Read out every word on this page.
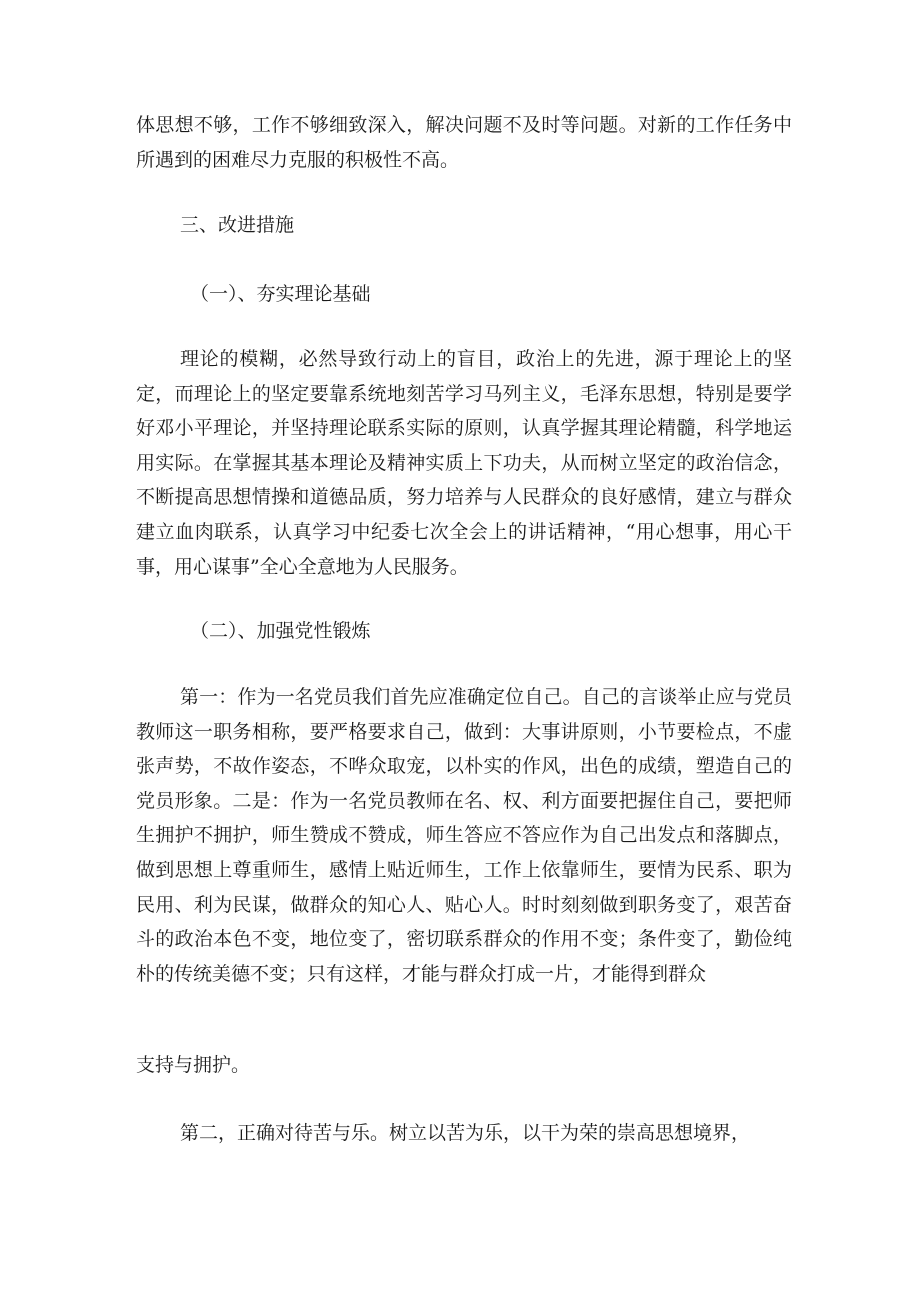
体思想不够，工作不够细致深入，解决问题不及时等问题。对新的工作任务中所遇到的困难尽力克服的积极性不高。

三、改进措施

（一）、夯实理论基础

理论的模糊，必然导致行动上的盲目，政治上的先进，源于理论上的坚定，而理论上的坚定要靠系统地刻苦学习马列主义，毛泽东思想，特别是要学好邓小平理论，并坚持理论联系实际的原则，认真学握其理论精髓，科学地运用实际。在掌握其基本理论及精神实质上下功夫，从而树立坚定的政治信念，不断提高思想情操和道德品质，努力培养与人民群众的良好感情，建立与群众建立血肉联系，认真学习中纪委七次全会上的讲话精神，“用心想事，用心干事，用心谋事”全心全意地为人民服务。

（二）、加强党性锻炼

第一：作为一名党员我们首先应准确定位自己。自己的言谈举止应与党员教师这一职务相称，要严格要求自己，做到：大事讲原则，小节要检点，不虚张声势，不故作姿态，不哗众取宠，以朴实的作风，出色的成绩，塑造自己的党员形象。二是：作为一名党员教师在名、权、利方面要把握住自己，要把师生拥护不拥护，师生赞成不赞成，师生答应不答应作为自己出发点和落脚点，做到思想上尊重师生，感情上贴近师生，工作上依靠师生，要情为民系、职为民用、利为民谋，做群众的知心人、贴心人。时时刻刻做到职务变了，艰苦奋斗的政治本色不变，地位变了，密切联系群众的作用不变；条件变了，勤俭纯朴的传统美德不变；只有这样，才能与群众打成一片，才能得到群众

支持与拥护。

第二，正确对待苦与乐。树立以苦为乐，以干为荣的崇高思想境界，
